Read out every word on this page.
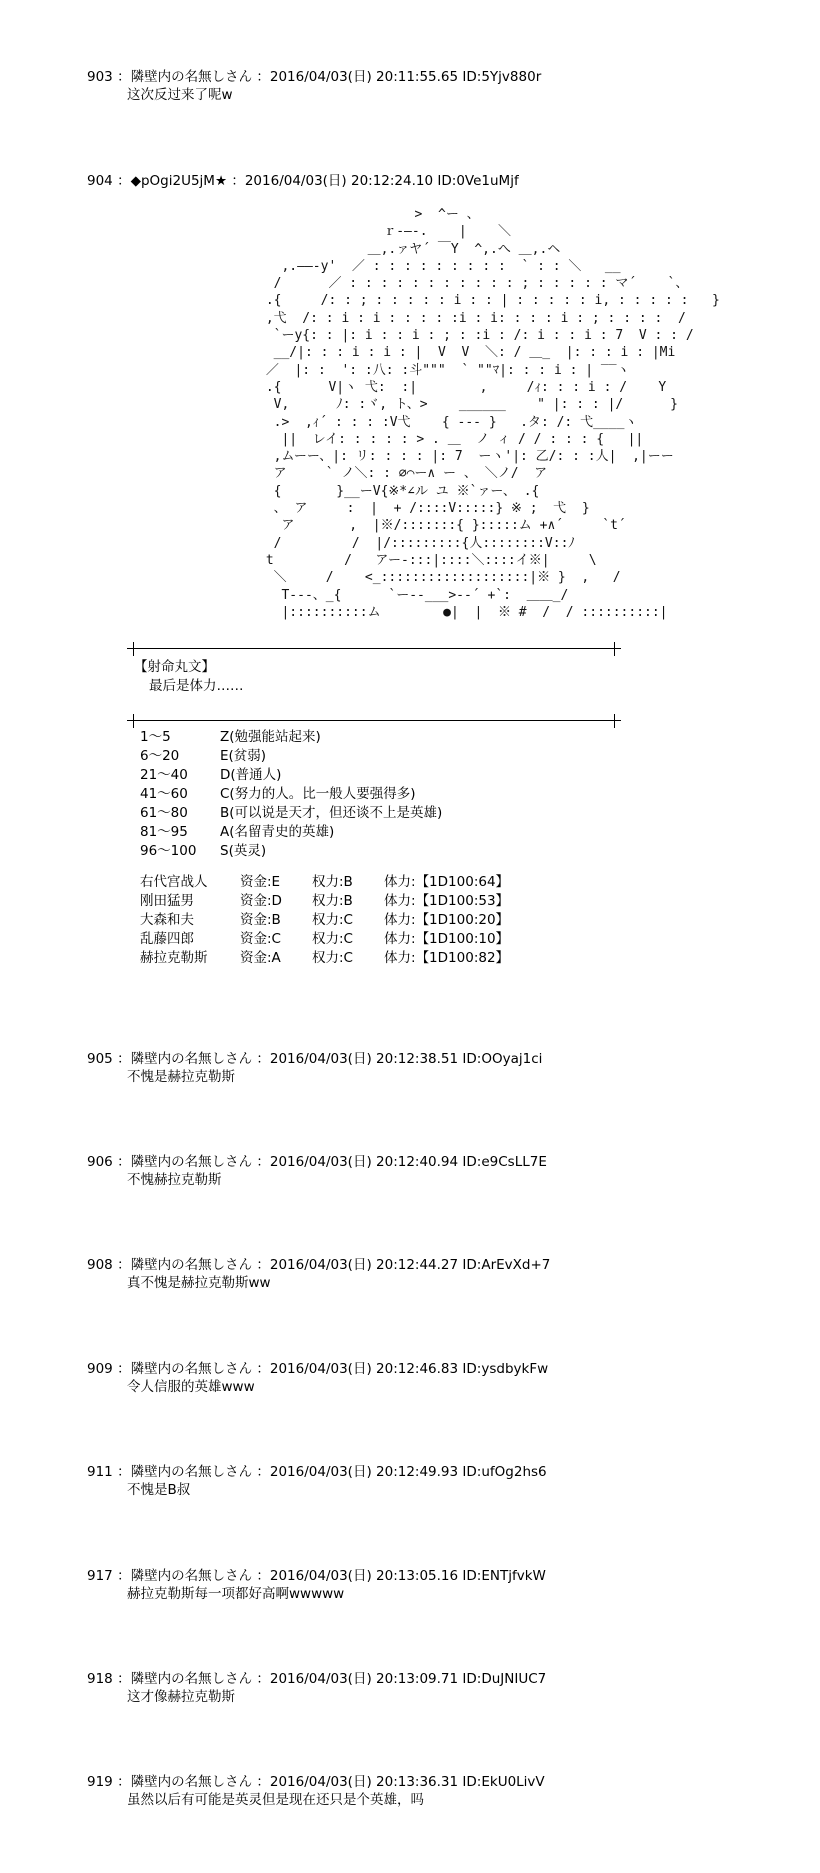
903 ：隣壁内の名無しさん ：2016/04/03(日) 20:11:55.65 ID:5Yjv880r
这次反过来了呢w
904 ：◆pOgi2U5jM★ ：2016/04/03(日) 20:12:24.10 ID:0Ve1uMjf
>  ^ー 、
ｒ‐―‐.    |    ＼
＿,.ァヤ´ ￣Y  ^,.へ ＿,.ヘ
,.――‐y'  ／ : : : : : : : : :  ` : : ＼   __
/      ／ : : : : : : : : : : : ; : : : : : マ´    `、
.{     /: : ; : : : : : i : : | : : : : : i, : : : : :   }
,弋  /: : i : i : : : : :i : i: : : : i : ; : : : :  /
`ーy{: : |: i : : i : ; : :i : /: i : : i : 7  V : : /
__/|: : : i : i : |  V  V  ＼: / ＿_  |: : : i : |Mi
／  |: :  ': :八: :斗"""  ` ""ﾏ|: : : i : | ‾‾ヽ
.{      V|ヽ 弋:  :|        ,     /ｨ: : : i : /    Y
V,      ﾉ: :ヾ, ト、>    ______    " |: : : |/      }
.>  ,ｨ´ : : : :V弋    { --‐ }   .タ: /: 弋____ヽ
||  レイ: : : : : > . ＿  ノ ィ / / : : : {   ||
,ムーー、|: リ: : : : |: 7  ーヽ'|: 乙/: : :人|  ,|ーー
ア     ` ノ＼: : ∅⌒ー∧ ー 、 ＼ノ/  ア
{       }__ーV{※*∠ル ユ ※`ァー、 .{
、 ア     :  |  + /::::V:::::} ※ ;  弋  }
ア       ,  |※/:::::::{ }:::::ム +∧´     `t´
/         /  |/:::::::::{人::::::::V::ﾉ
t         /   アー-:::|::::＼::::イ※|     \
＼     /    <_:::::::::::::::::::|※ }  ,   /
T---、_{      `ー--___>--´ +`:  ＿＿_/
|::::::::::ム        ●|  |  ※ #  /  / ::::::::::|
【射命丸文】
最后是体力……
1～5	Z(勉强能站起来)
6～20	E(贫弱)
21～40	D(普通人)
41～60	C(努力的人。比一般人要强得多)
61～80	B(可以说是天才，但还谈不上是英雄)
81～95	A(名留青史的英雄)
96～100	S(英灵)
右代宫战人	资金:E	权力:B	体力:【1D100:64】
刚田猛男	资金:D	权力:B	体力:【1D100:53】
大森和夫	资金:B	权力:C	体力:【1D100:20】
乱藤四郎	资金:C	权力:C	体力:【1D100:10】
赫拉克勒斯	资金:A	权力:C	体力:【1D100:82】
905 ：隣壁内の名無しさん ：2016/04/03(日) 20:12:38.51 ID:OOyaj1ci
不愧是赫拉克勒斯
906 ：隣壁内の名無しさん ：2016/04/03(日) 20:12:40.94 ID:e9CsLL7E
不愧赫拉克勒斯
908 ：隣壁内の名無しさん ：2016/04/03(日) 20:12:44.27 ID:ArEvXd+7
真不愧是赫拉克勒斯ww
909 ：隣壁内の名無しさん ：2016/04/03(日) 20:12:46.83 ID:ysdbykFw
令人信服的英雄www
911 ：隣壁内の名無しさん ：2016/04/03(日) 20:12:49.93 ID:ufOg2hs6
不愧是B叔
917 ：隣壁内の名無しさん ：2016/04/03(日) 20:13:05.16 ID:ENTjfvkW
赫拉克勒斯每一项都好高啊wwwww
918 ：隣壁内の名無しさん ：2016/04/03(日) 20:13:09.71 ID:DuJNIUC7
这才像赫拉克勒斯
919 ：隣壁内の名無しさん ：2016/04/03(日) 20:13:36.31 ID:EkU0LivV
虽然以后有可能是英灵但是现在还只是个英雄，吗
